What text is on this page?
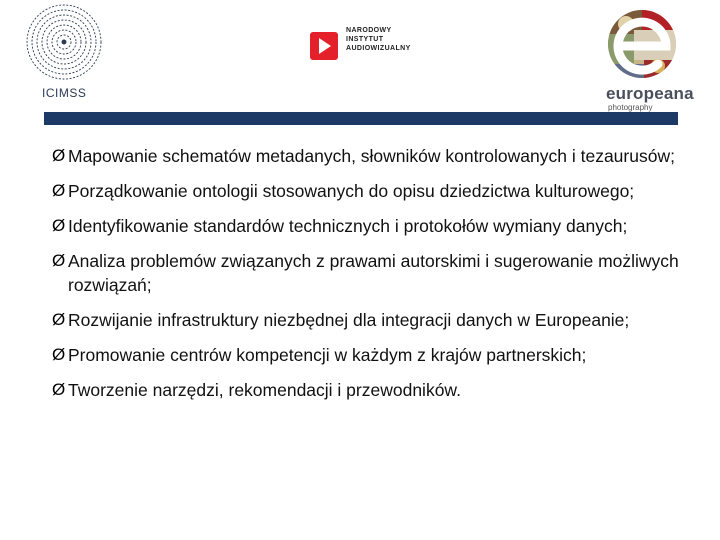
ICIMSS
NARODOWY
INSTYTUT
AUDIOWIZUALNY
europeana
photography
Ø Mapowanie schematów metadanych, słowników kontrolowanych i tezaurusów;
Ø Porządkowanie ontologii stosowanych do opisu dziedzictwa kulturowego;
Ø Identyfikowanie standardów technicznych i protokołów wymiany danych;
Ø Analiza problemów związanych z prawami autorskimi i sugerowanie możliwych rozwiązań;
Ø Rozwijanie infrastruktury niezbędnej dla integracji danych w Europeanie;
Ø Promowanie centrów kompetencji w każdym z krajów partnerskich;
Ø Tworzenie narzędzi, rekomendacji i przewodników.
